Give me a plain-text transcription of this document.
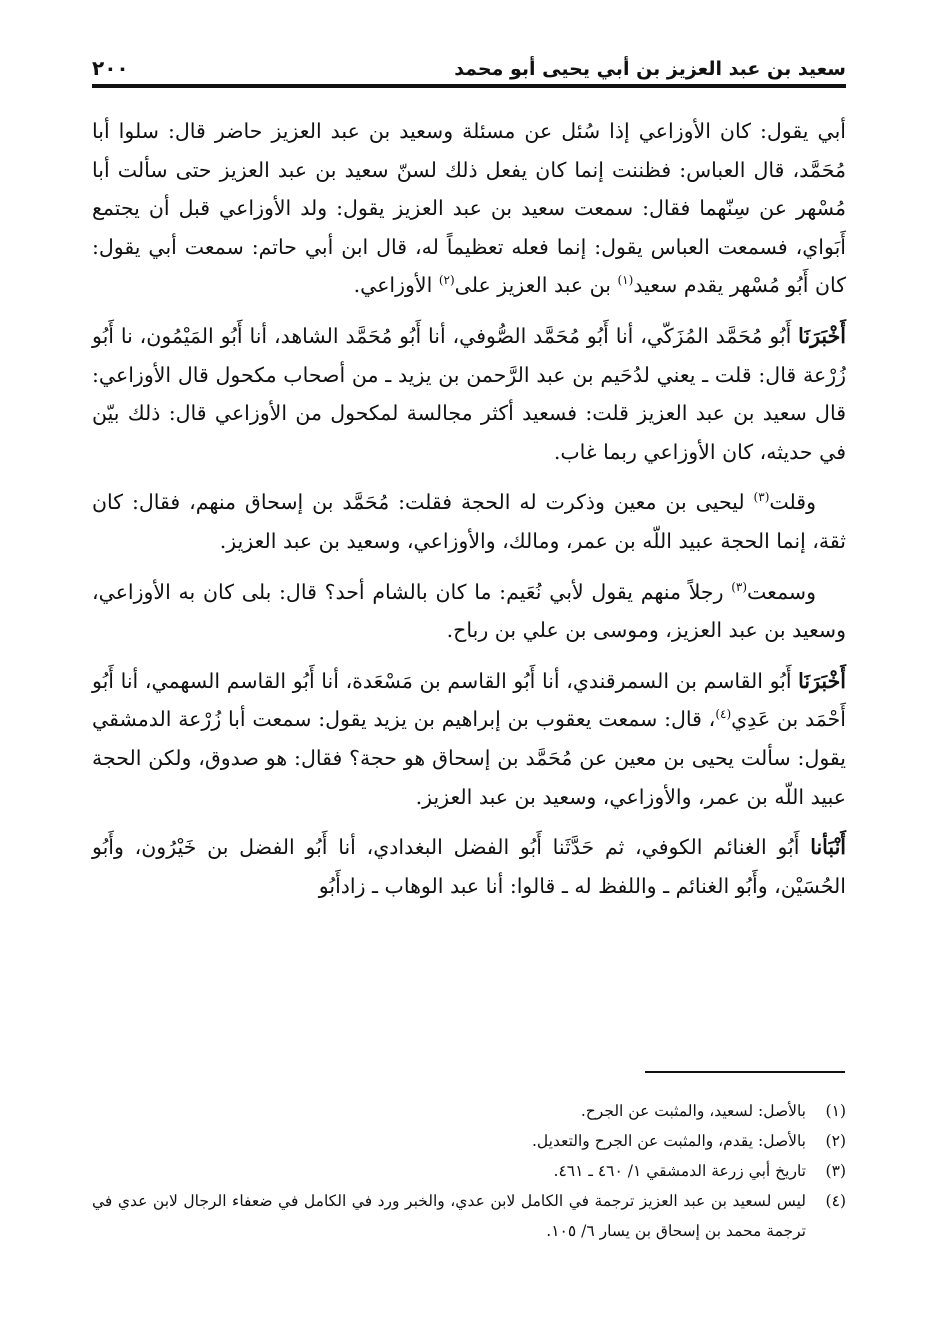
سعيد بن عبد العزيز بن أبي يحيى أبو محمد
٢٠٠

أبي يقول: كان الأوزاعي إذا سُئل عن مسئلة وسعيد بن عبد العزيز حاضر قال: سلوا أبا مُحَمَّد، قال العباس: فظننت إنما كان يفعل ذلك لسنّ سعيد بن عبد العزيز حتى سألت أبا مُسْهر عن سِنّهما فقال: سمعت سعيد بن عبد العزيز يقول: ولد الأوزاعي قبل أن يجتمع أَبَواي، فسمعت العباس يقول: إنما فعله تعظيماً له، قال ابن أبي حاتم: سمعت أبي يقول: كان أَبُو مُسْهر يقدم سعيد$^{(١)}$ بن عبد العزيز على$^{(٢)}$ الأوزاعي.

أَخْبَرَنَا أَبُو مُحَمَّد المُزَكّي، أنا أَبُو مُحَمَّد الصُّوفي، أنا أَبُو مُحَمَّد الشاهد، أنا أَبُو المَيْمُون، نا أَبُو زُرْعة قال: قلت ـ يعني لدُحَيم بن عبد الرَّحمن بن يزيد ـ من أصحاب مكحول قال الأوزاعي: قال سعيد بن عبد العزيز قلت: فسعيد أكثر مجالسة لمكحول من الأوزاعي قال: ذلك بيّن في حديثه، كان الأوزاعي ربما غاب.

وقلت$^{(٣)}$ ليحيى بن معين وذكرت له الحجة فقلت: مُحَمَّد بن إسحاق منهم، فقال: كان ثقة، إنما الحجة عبيد اللّه بن عمر، ومالك، والأوزاعي، وسعيد بن عبد العزيز.

وسمعت$^{(٣)}$ رجلاً منهم يقول لأبي نُعَيم: ما كان بالشام أحد؟ قال: بلى كان به الأوزاعي، وسعيد بن عبد العزيز، وموسى بن علي بن رباح.

أَخْبَرَنَا أَبُو القاسم بن السمرقندي، أنا أَبُو القاسم بن مَسْعَدة، أنا أَبُو القاسم السهمي، أنا أَبُو أَحْمَد بن عَدِي$^{(٤)}$، قال: سمعت يعقوب بن إبراهيم بن يزيد يقول: سمعت أبا زُرْعة الدمشقي يقول: سألت يحيى بن معين عن مُحَمَّد بن إسحاق هو حجة؟ فقال: هو صدوق، ولكن الحجة عبيد اللّه بن عمر، والأوزاعي، وسعيد بن عبد العزيز.

أَنْبَأنا أَبُو الغنائم الكوفي، ثم حَدَّثَنا أَبُو الفضل البغدادي، أنا أَبُو الفضل بن خَيْرُون، وأَبُو الحُسَيْن، وأَبُو الغنائم ـ واللفظ له ـ قالوا: أنا عبد الوهاب ـ زادأَبُو

(١)
بالأصل: لسعيد، والمثبت عن الجرح.
(٢)
بالأصل: يقدم، والمثبت عن الجرح والتعديل.
(٣)
تاريخ أبي زرعة الدمشقي ١/ ٤٦٠ ـ ٤٦١.
(٤)
ليس لسعيد بن عبد العزيز ترجمة في الكامل لابن عدي، والخبر ورد في الكامل في ضعفاء الرجال لابن عدي في ترجمة محمد بن إسحاق بن يسار ٦/ ١٠٥.
